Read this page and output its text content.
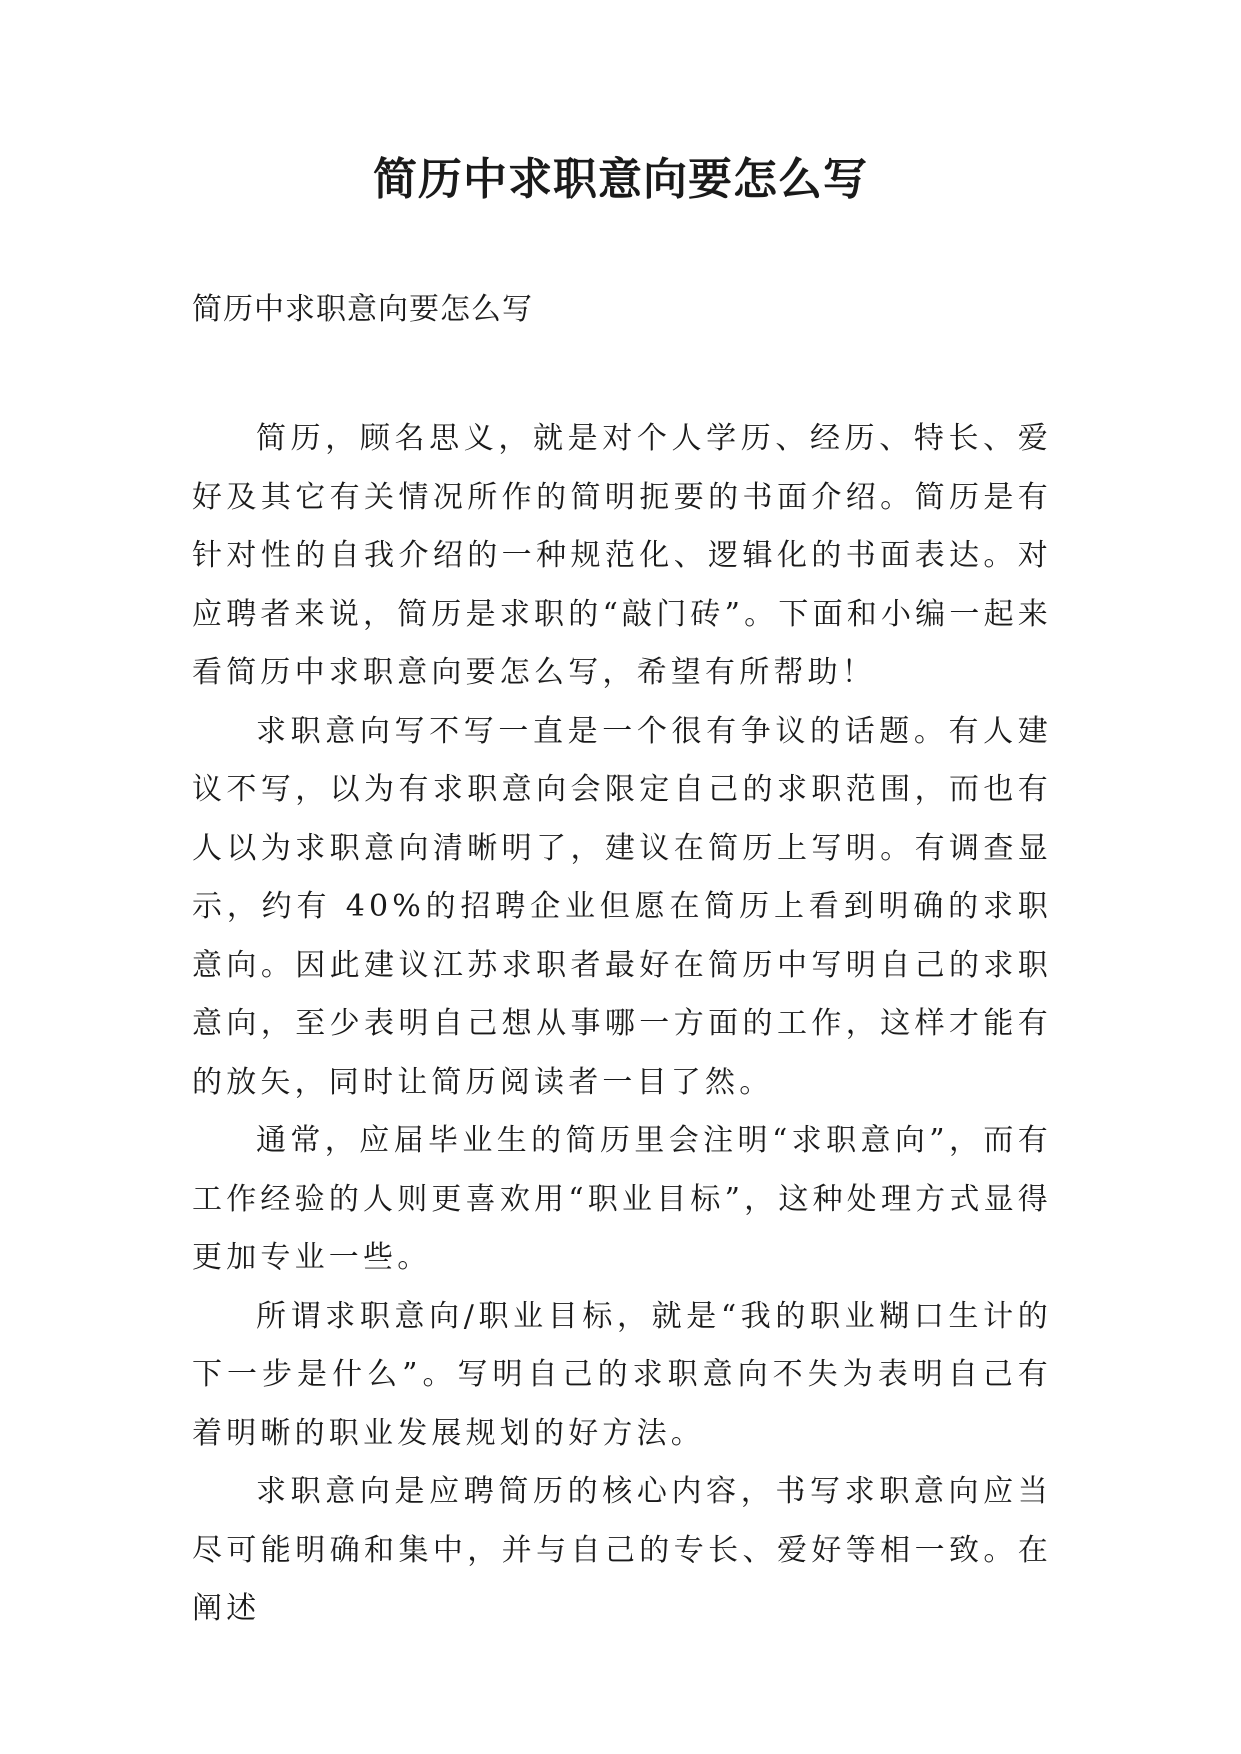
简历中求职意向要怎么写

简历中求职意向要怎么写

简历，顾名思义，就是对个人学历、经历、特长、爱好及其它有关情况所作的简明扼要的书面介绍。简历是有针对性的自我介绍的一种规范化、逻辑化的书面表达。对应聘者来说，简历是求职的“敲门砖”。下面和小编一起来看简历中求职意向要怎么写，希望有所帮助！

求职意向写不写一直是一个很有争议的话题。有人建议不写，以为有求职意向会限定自己的求职范围，而也有人以为求职意向清晰明了，建议在简历上写明。有调查显示，约有 40%的招聘企业但愿在简历上看到明确的求职意向。因此建议江苏求职者最好在简历中写明自己的求职意向，至少表明自己想从事哪一方面的工作，这样才能有的放矢，同时让简历阅读者一目了然。

通常，应届毕业生的简历里会注明“求职意向”，而有工作经验的人则更喜欢用“职业目标”，这种处理方式显得更加专业一些。

所谓求职意向/职业目标，就是“我的职业糊口生计的下一步是什么”。写明自己的求职意向不失为表明自己有着明晰的职业发展规划的好方法。

求职意向是应聘简历的核心内容，书写求职意向应当尽可能明确和集中，并与自己的专长、爱好等相一致。在阐述
